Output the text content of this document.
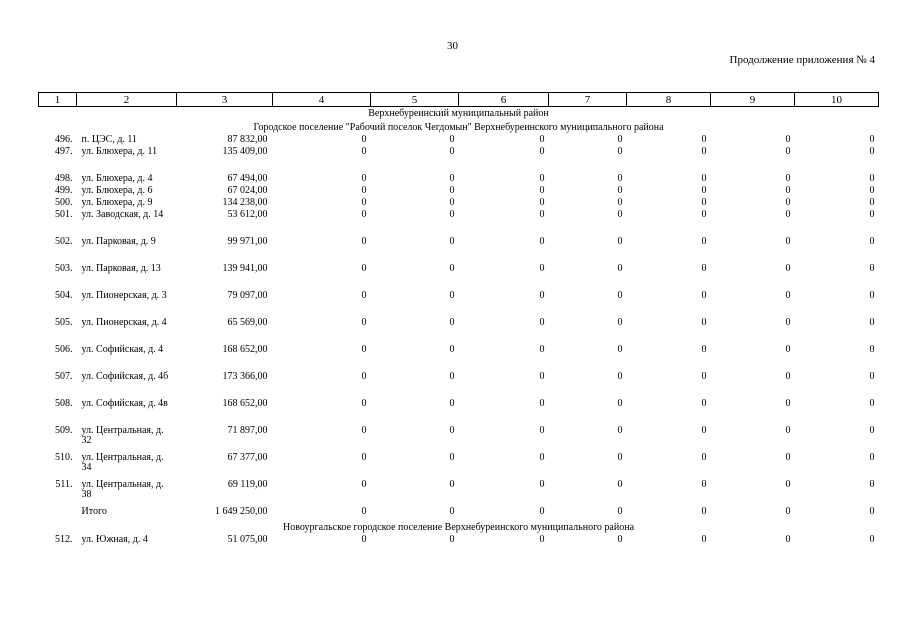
30
Продолжение приложения № 4
1	2	3	4	5	6	7	8	9	10
Верхнебуреинский муниципальный район									
Городское поселение "Рабочий поселок Чегдомын" Верхнебуреинского муниципального района									
496.	п. ЦЭС, д. 11	87 832,00	0	0	0	0	0	0	0
497.	ул. Блюхера, д. 11	135 409,00	0	0	0	0	0	0	0
498.	ул. Блюхера, д. 4	67 494,00	0	0	0	0	0	0	0
499.	ул. Блюхера, д. 6	67 024,00	0	0	0	0	0	0	0
500.	ул. Блюхера, д. 9	134 238,00	0	0	0	0	0	0	0
501.	ул. Заводская, д. 14	53 612,00	0	0	0	0	0	0	0
502.	ул. Парковая, д. 9	99 971,00	0	0	0	0	0	0	0
503.	ул. Парковая, д. 13	139 941,00	0	0	0	0	0	0	0
504.	ул. Пионерская, д. 3	79 097,00	0	0	0	0	0	0	0
505.	ул. Пионерская, д. 4	65 569,00	0	0	0	0	0	0	0
506.	ул. Софийская, д. 4	168 652,00	0	0	0	0	0	0	0
507.	ул. Софийская, д. 4б	173 366,00	0	0	0	0	0	0	0
508.	ул. Софийская, д. 4в	168 652,00	0	0	0	0	0	0	0
509.	ул. Центральная, д. 32	71 897,00	0	0	0	0	0	0	0
510.	ул. Центральная, д. 34	67 377,00	0	0	0	0	0	0	0
511.	ул. Центральная, д. 38	69 119,00	0	0	0	0	0	0	0
	Итого	1 649 250,00	0	0	0	0	0	0	0
Новоургальское городское поселение Верхнебуреинского муниципального района									
512.	ул. Южная, д. 4	51 075,00	0	0	0	0	0	0	0
